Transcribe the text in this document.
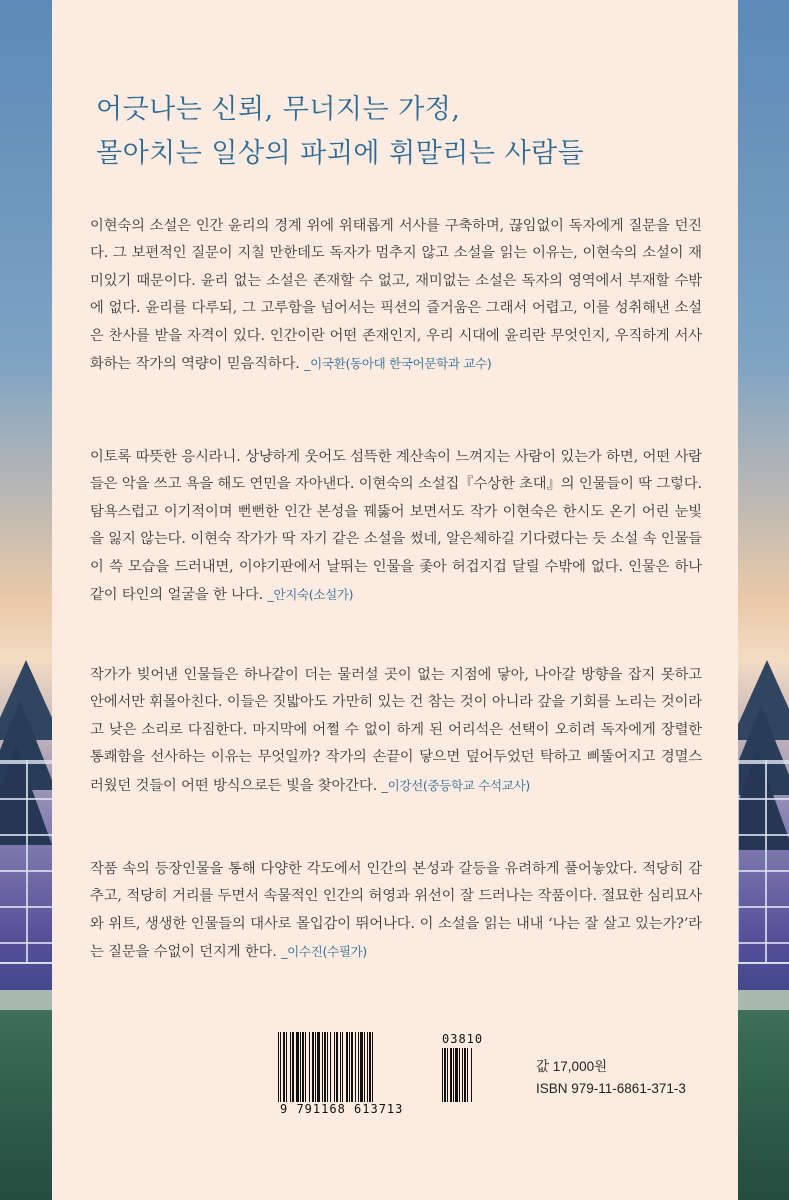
어긋나는 신뢰, 무너지는 가정,
몰아치는 일상의 파괴에 휘말리는 사람들
이현숙의 소설은 인간 윤리의 경계 위에 위태롭게 서사를 구축하며, 끊임없이 독자에게 질문을 던진다. 그 보편적인 질문이 지칠 만한데도 독자가 멈추지 않고 소설을 읽는 이유는, 이현숙의 소설이 재미있기 때문이다. 윤리 없는 소설은 존재할 수 없고, 재미없는 소설은 독자의 영역에서 부재할 수밖에 없다. 윤리를 다루되, 그 고루함을 넘어서는 픽션의 즐거움은 그래서 어렵고, 이를 성취해낸 소설은 찬사를 받을 자격이 있다. 인간이란 어떤 존재인지, 우리 시대에 윤리란 무엇인지, 우직하게 서사화하는 작가의 역량이 믿음직하다. _이국환(동아대 한국어문학과 교수)
이토록 따뜻한 응시라니. 상냥하게 웃어도 섬뜩한 계산속이 느껴지는 사람이 있는가 하면, 어떤 사람들은 악을 쓰고 욕을 해도 연민을 자아낸다. 이현숙의 소설집『수상한 초대』의 인물들이 딱 그렇다. 탐욕스럽고 이기적이며 뻔뻔한 인간 본성을 꿰뚫어 보면서도 작가 이현숙은 한시도 온기 어린 눈빛을 잃지 않는다. 이현숙 작가가 딱 자기 같은 소설을 썼네, 알은체하길 기다렸다는 듯 소설 속 인물들이 쓱 모습을 드러내면, 이야기판에서 날뛰는 인물을 좇아 허겁지겁 달릴 수밖에 없다. 인물은 하나같이 타인의 얼굴을 한 나다. _안지숙(소설가)
작가가 빚어낸 인물들은 하나같이 더는 물러설 곳이 없는 지점에 닿아, 나아갈 방향을 잡지 못하고 안에서만 휘몰아친다. 이들은 짓밟아도 가만히 있는 건 참는 것이 아니라 갚을 기회를 노리는 것이라고 낮은 소리로 다짐한다. 마지막에 어쩔 수 없이 하게 된 어리석은 선택이 오히려 독자에게 장렬한 통쾌함을 선사하는 이유는 무엇일까? 작가의 손끝이 닿으면 덮어두었던 탁하고 삐뚤어지고 경멸스러웠던 것들이 어떤 방식으로든 빛을 찾아간다. _이강선(중등학교 수석교사)
작품 속의 등장인물을 통해 다양한 각도에서 인간의 본성과 갈등을 유려하게 풀어놓았다. 적당히 감추고, 적당히 거리를 두면서 속물적인 인간의 허영과 위선이 잘 드러나는 작품이다. 절묘한 심리묘사와 위트, 생생한 인물들의 대사로 몰입감이 뛰어나다. 이 소설을 읽는 내내 ‘나는 잘 살고 있는가?’라는 질문을 수없이 던지게 한다. _이수진(수필가)
9 791168 613713
03810
값 17,000원
ISBN 979-11-6861-371-3
